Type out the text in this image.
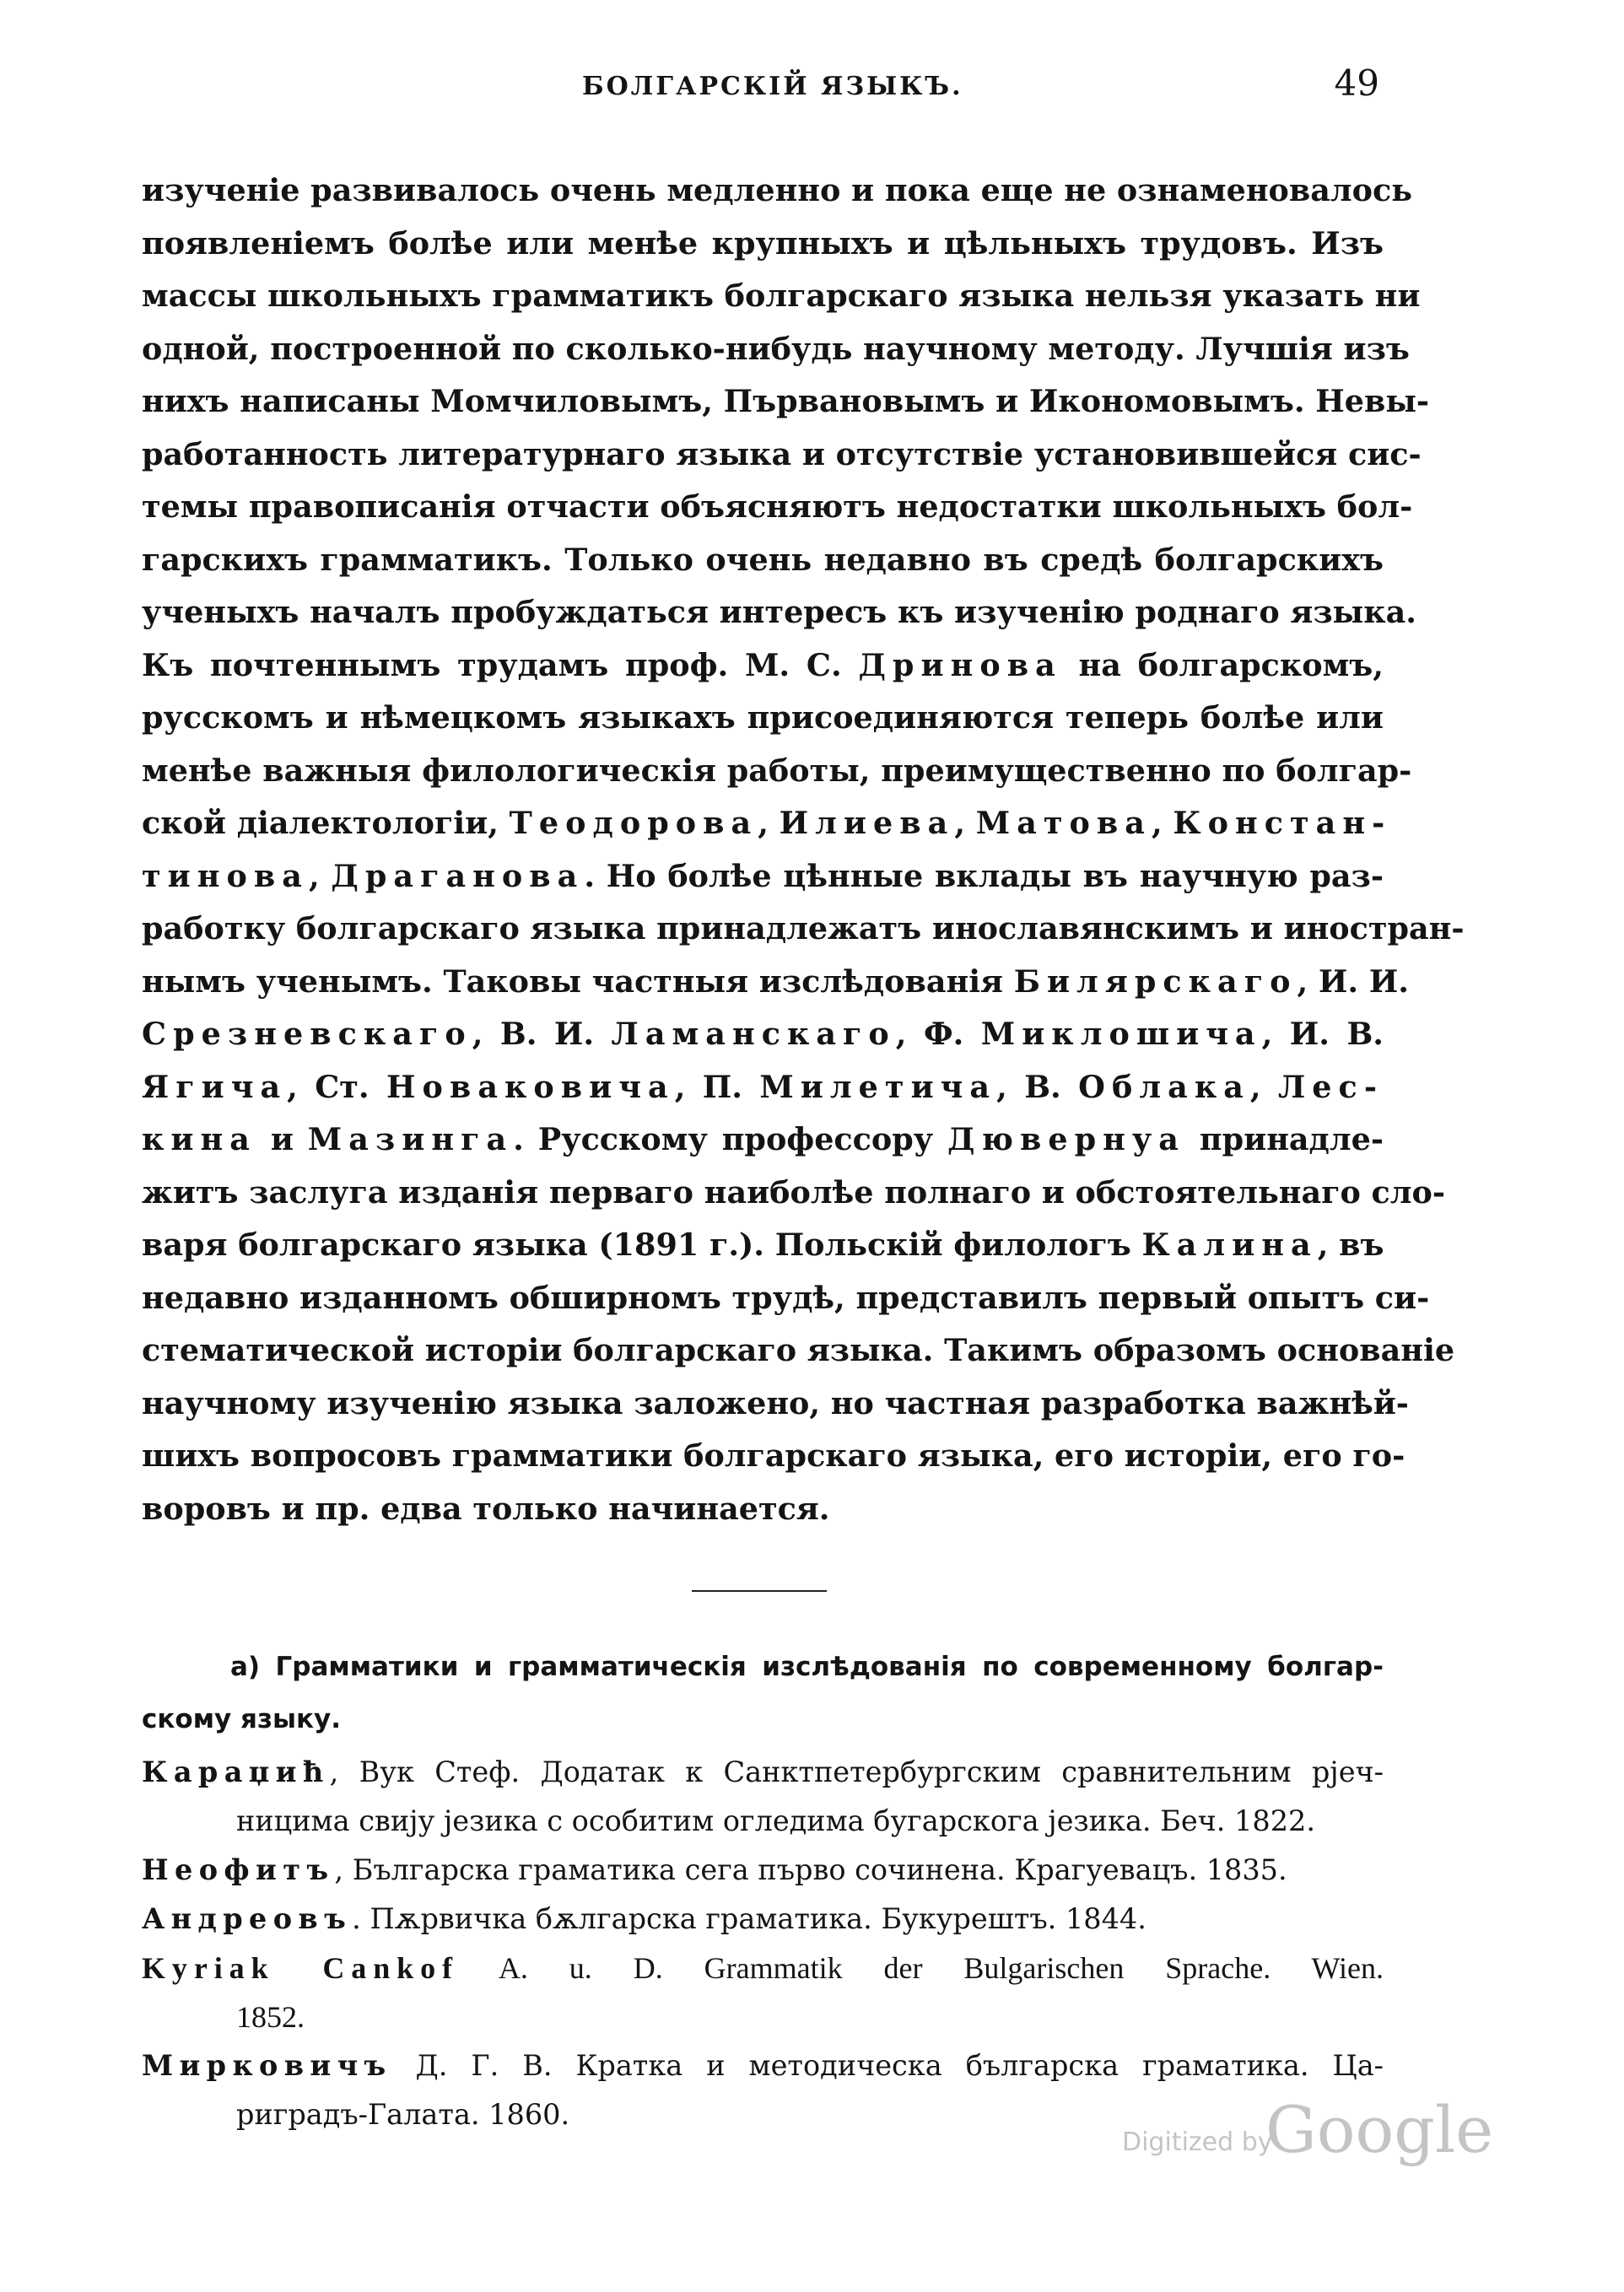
БОЛГАРСКІЙ ЯЗЫКЪ.	49
изученіе развивалось очень медленно и пока еще не ознаменовалось
появленіемъ болѣе или менѣе крупныхъ и цѣльныхъ трудовъ. Изъ
массы школьныхъ грамматикъ болгарскаго языка нельзя указать ни
одной, построенной по сколько-нибудь научному методу. Лучшія изъ
нихъ написаны Момчиловымъ, Първановымъ и Икономовымъ. Невы-
работанность литературнаго языка и отсутствіе установившейся сис-
темы правописанія отчасти объясняютъ недостатки школьныхъ бол-
гарскихъ грамматикъ. Только очень недавно въ средѣ болгарскихъ
ученыхъ началъ пробуждаться интересъ къ изученію роднаго языка.
Къ почтеннымъ трудамъ проф. М. С. Дринова на болгарскомъ,
русскомъ и нѣмецкомъ языкахъ присоединяются теперь болѣе или
менѣе важныя филологическія работы, преимущественно по болгар-
ской діалектологіи, Теодорова, Илиева, Матова, Констан-
тинова, Драганова. Но болѣе цѣнные вклады въ научную раз-
работку болгарскаго языка принадлежатъ инославянскимъ и иностран-
нымъ ученымъ. Таковы частныя изслѣдованія Билярскаго, И. И.
Срезневскаго, В. И. Ламанскаго, Ф. Миклошича, И. В.
Ягича, Ст. Новаковича, П. Милетича, В. Облака, Лес-
кина и Мазинга. Русскому профессору Дювернуа принадле-
житъ заслуга изданія перваго наиболѣе полнаго и обстоятельнаго сло-
варя болгарскаго языка (1891 г.). Польскій филологъ Калина, въ
недавно изданномъ обширномъ трудѣ, представилъ первый опытъ си-
стематической исторіи болгарскаго языка. Такимъ образомъ основаніе
научному изученію языка заложено, но частная разработка важнѣй-
шихъ вопросовъ грамматики болгарскаго языка, его исторіи, его го-
воровъ и пр. едва только начинается.
а) Грамматики и грамматическія изслѣдованія по современному болгар-
скому языку.
Караџиħ, Вук Стеф. Додатак к Санктпетербургским сравнительним рjеч-
ницима свиjу jезика с особитим огледима бугарскога jезика. Беч. 1822.
Неофитъ, Българска граматика сега първо сочинена. Крагуевацъ. 1835.
Андреовъ. Пѫрвичка бѫлгарска граматика. Букурештъ. 1844.
Kyriak Cankof A. u. D. Grammatik der Bulgarischen Sprache. Wien.
1852.
Мирковичъ Д. Г. В. Кратка и методическа българска граматика. Ца-
риградъ-Галата. 1860.
Digitized by
Google
